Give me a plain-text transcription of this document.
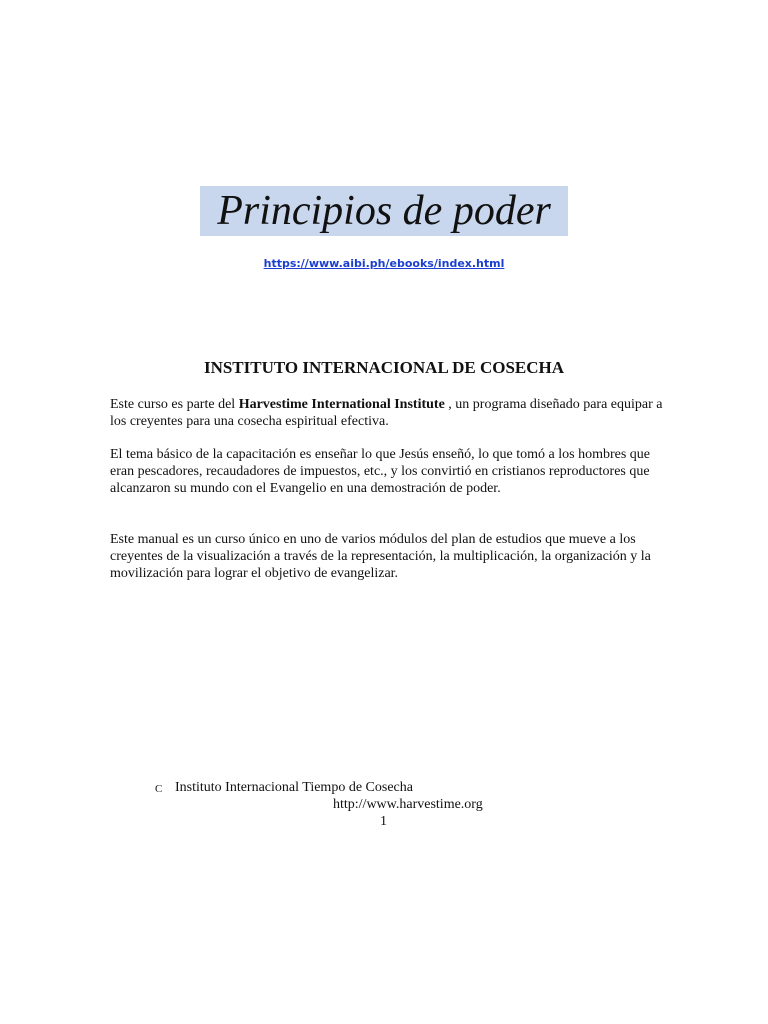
Principios de poder
https://www.aibi.ph/ebooks/index.html
INSTITUTO INTERNACIONAL DE COSECHA
Este curso es parte del Harvestime International Institute , un programa diseñado para equipar a los creyentes para una cosecha espiritual efectiva.
El tema básico de la capacitación es enseñar lo que Jesús enseñó, lo que tomó a los hombres que eran pescadores, recaudadores de impuestos, etc., y los convirtió en cristianos reproductores que alcanzaron su mundo con el Evangelio en una demostración de poder.
Este manual es un curso único en uno de varios módulos del plan de estudios que mueve a los creyentes de la visualización a través de la representación, la multiplicación, la organización y la movilización para lograr el objetivo de evangelizar.
C Instituto Internacional Tiempo de Cosecha
http://www.harvestime.org
1
